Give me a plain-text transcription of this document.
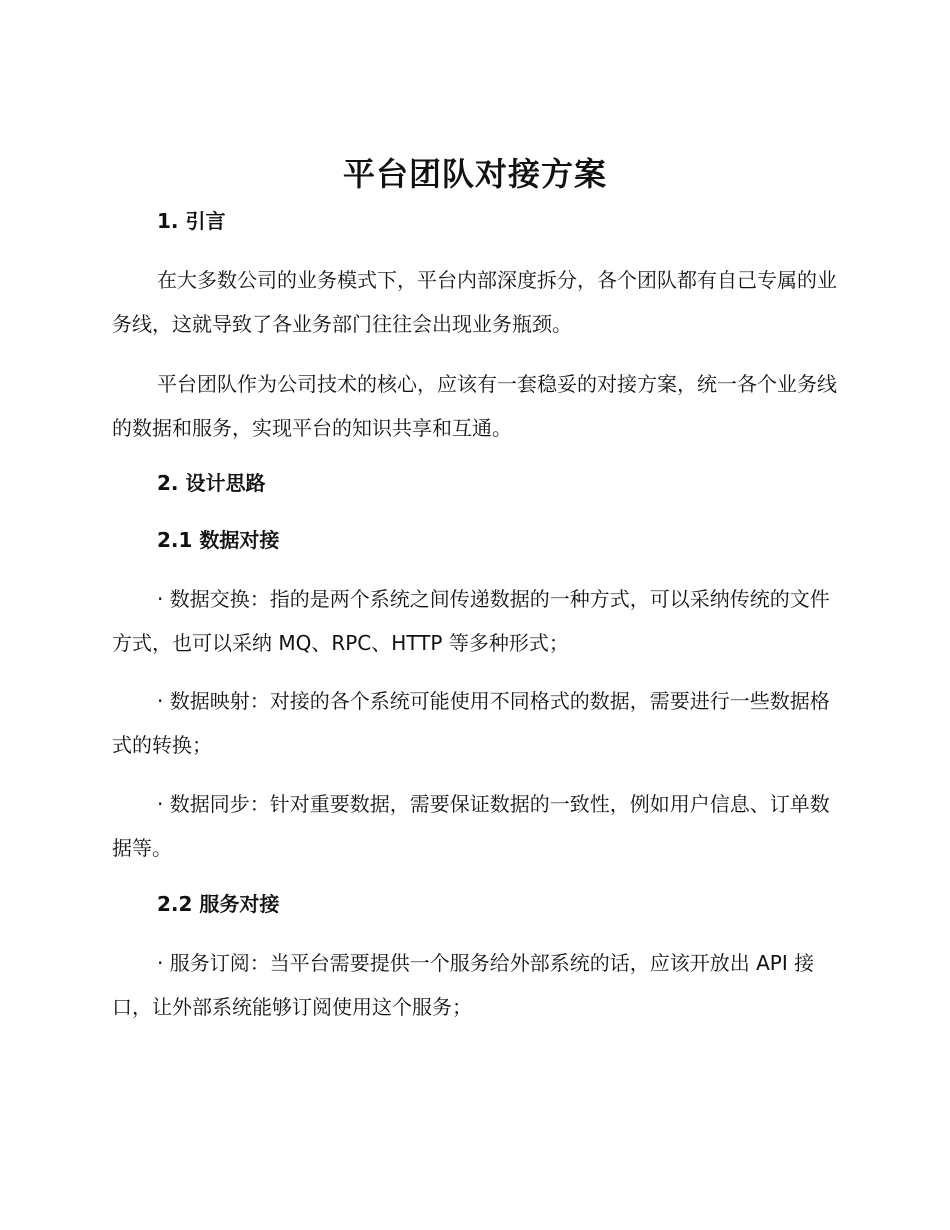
平台团队对接方案
1. 引言
在大多数公司的业务模式下，平台内部深度拆分，各个团队都有自己专属的业务线，这就导致了各业务部门往往会出现业务瓶颈。
平台团队作为公司技术的核心，应该有一套稳妥的对接方案，统一各个业务线的数据和服务，实现平台的知识共享和互通。
2. 设计思路
2.1 数据对接
· 数据交换：指的是两个系统之间传递数据的一种方式，可以采纳传统的文件方式，也可以采纳 MQ、RPC、HTTP 等多种形式；
· 数据映射：对接的各个系统可能使用不同格式的数据，需要进行一些数据格式的转换；
· 数据同步：针对重要数据，需要保证数据的一致性，例如用户信息、订单数据等。
2.2 服务对接
· 服务订阅：当平台需要提供一个服务给外部系统的话，应该开放出 API 接口，让外部系统能够订阅使用这个服务；
